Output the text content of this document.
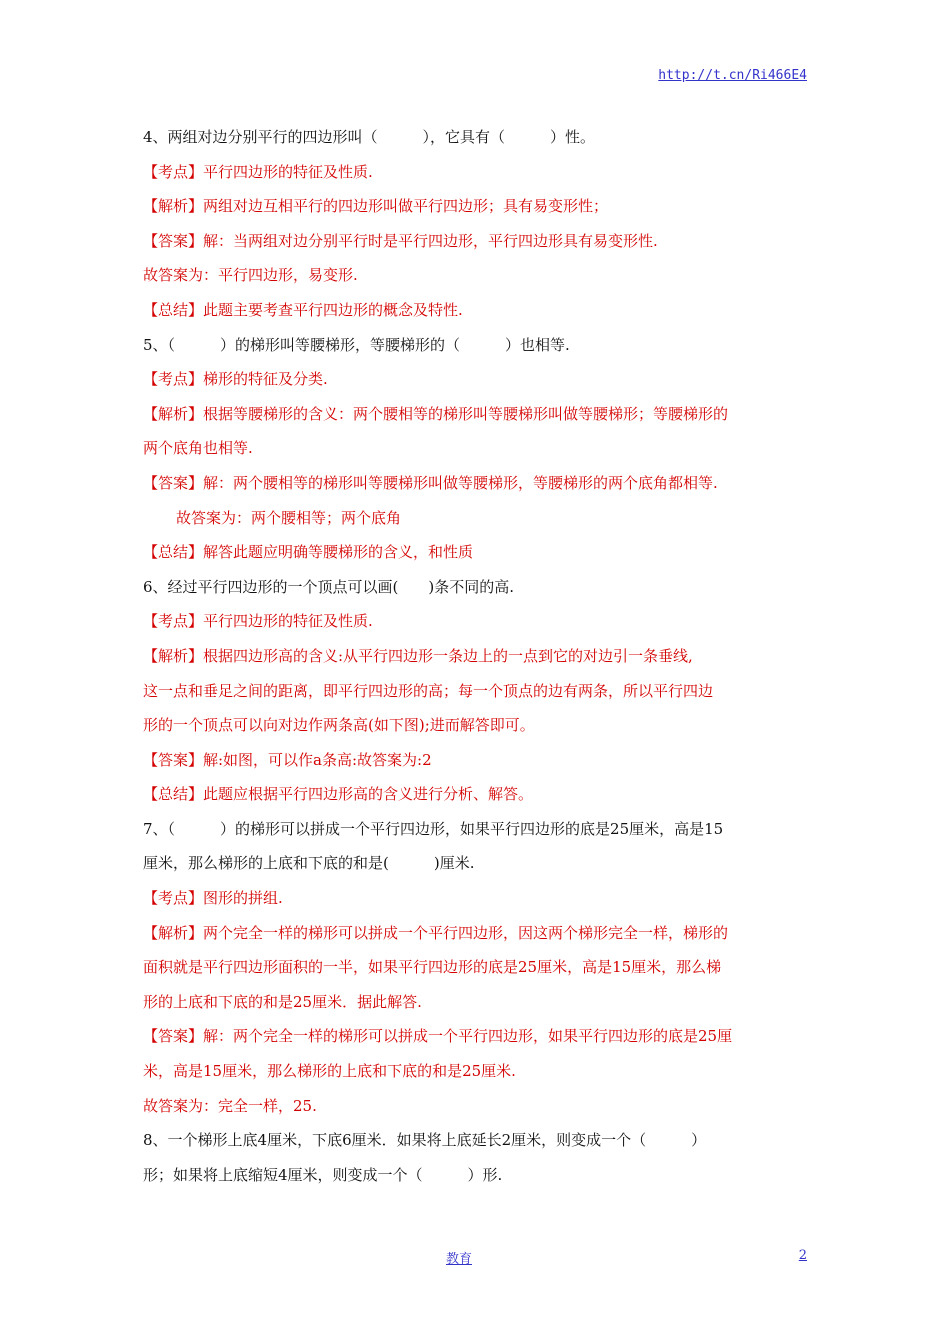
http://t.cn/Ri466E4
4、两组对边分别平行的四边形叫（　　　），它具有（　　　）性。
【考点】平行四边形的特征及性质.
【解析】两组对边互相平行的四边形叫做平行四边形；具有易变形性；
【答案】解：当两组对边分别平行时是平行四边形，平行四边形具有易变形性.
故答案为：平行四边形，易变形.
【总结】此题主要考查平行四边形的概念及特性.
5、（　　　）的梯形叫等腰梯形，等腰梯形的（　　　）也相等.
【考点】梯形的特征及分类.
【解析】根据等腰梯形的含义：两个腰相等的梯形叫等腰梯形叫做等腰梯形；等腰梯形的
两个底角也相等.
【答案】解：两个腰相等的梯形叫等腰梯形叫做等腰梯形，等腰梯形的两个底角都相等.
故答案为：两个腰相等；两个底角
【总结】解答此题应明确等腰梯形的含义，和性质
6、经过平行四边形的一个顶点可以画(　　)条不同的高.
【考点】平行四边形的特征及性质.
【解析】根据四边形高的含义:从平行四边形一条边上的一点到它的对边引一条垂线,
这一点和垂足之间的距离，即平行四边形的高；每一个顶点的边有两条，所以平行四边
形的一个顶点可以向对边作两条高(如下图);进而解答即可。
【答案】解:如图，可以作a条高:故答案为:2
【总结】此题应根据平行四边形高的含义进行分析、解答。
7、（　　　）的梯形可以拼成一个平行四边形，如果平行四边形的底是25厘米，高是15
厘米，那么梯形的上底和下底的和是(　　　)厘米.
【考点】图形的拼组.
【解析】两个完全一样的梯形可以拼成一个平行四边形，因这两个梯形完全一样，梯形的
面积就是平行四边形面积的一半，如果平行四边形的底是25厘米，高是15厘米，那么梯
形的上底和下底的和是25厘米．据此解答.
【答案】解：两个完全一样的梯形可以拼成一个平行四边形，如果平行四边形的底是25厘
米，高是15厘米，那么梯形的上底和下底的和是25厘米.
故答案为：完全一样，25.
8、一个梯形上底4厘米，下底6厘米．如果将上底延长2厘米，则变成一个（　　　）
形；如果将上底缩短4厘米，则变成一个（　　　）形.
教育	2
